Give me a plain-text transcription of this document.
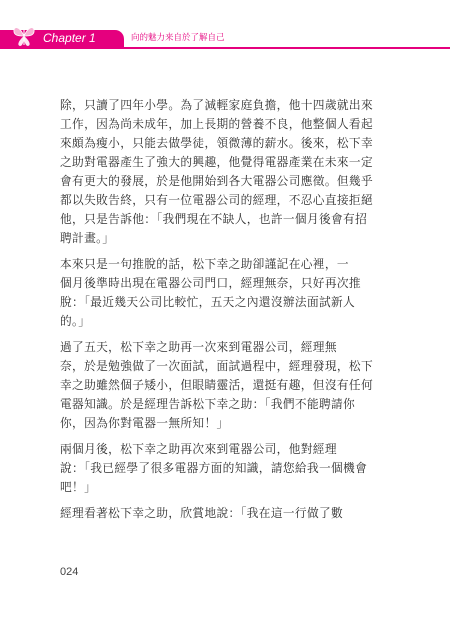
Chapter 1	向的魅力来自於了解自己
除，只讀了四年小學。為了減輕家庭負擔，他十四歲就出來
工作，因為尚未成年，加上長期的營養不良，他整個人看起
來頗為瘦小，只能去做學徒，領微薄的薪水。後來，松下幸
之助對電器產生了強大的興趣，他覺得電器產業在未來一定
會有更大的發展，於是他開始到各大電器公司應徵。但幾乎
都以失敗告終，只有一位電器公司的經理，不忍心直接拒絕
他，只是告訴他：「我們現在不缺人，也許一個月後會有招
聘計畫。」
本來只是一句推脫的話，松下幸之助卻謹記在心裡，一
個月後準時出現在電器公司門口，經理無奈，只好再次推
脫：「最近幾天公司比較忙，五天之內還沒辦法面試新人
的。」
過了五天，松下幸之助再一次來到電器公司，經理無
奈，於是勉強做了一次面試，面試過程中，經理發現，松下
幸之助雖然個子矮小，但眼睛靈活，還挺有趣，但沒有任何
電器知識。於是經理告訴松下幸之助：「我們不能聘請你
你，因為你對電器一無所知！」
兩個月後，松下幸之助再次來到電器公司，他對經理
說：「我已經學了很多電器方面的知識，請您給我一個機會
吧！」
經理看著松下幸之助，欣賞地說：「我在這一行做了數
024
